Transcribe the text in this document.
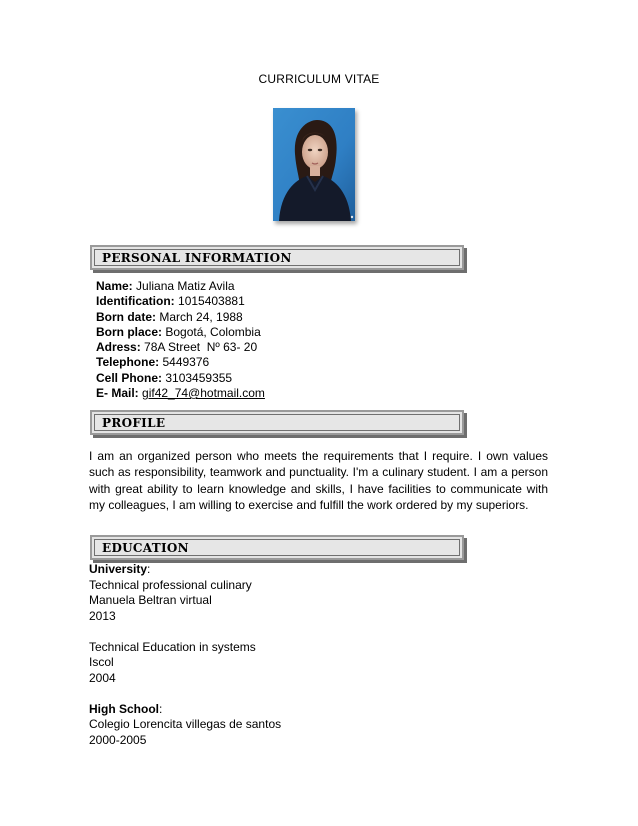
CURRICULUM VITAE
PERSONAL INFORMATION
Name: Juliana Matiz Avila
Identification: 1015403881
Born date: March 24, 1988
Born place: Bogotá, Colombia
Adress: 78A Street  Nº 63- 20
Telephone: 5449376
Cell Phone: 3103459355
E- Mail: gif42_74@hotmail.com
PROFILE
I am an organized person who meets the requirements that I require. I own values such as responsibility, teamwork and punctuality. I'm a culinary student. I am a person with great ability to learn knowledge and skills, I have facilities to communicate with my colleagues, I am willing to exercise and fulfill the work ordered by my superiors.
EDUCATION
University:
Technical professional culinary
Manuela Beltran virtual
2013
Technical Education in systems
Iscol
2004
High School:
Colegio Lorencita villegas de santos
2000-2005
